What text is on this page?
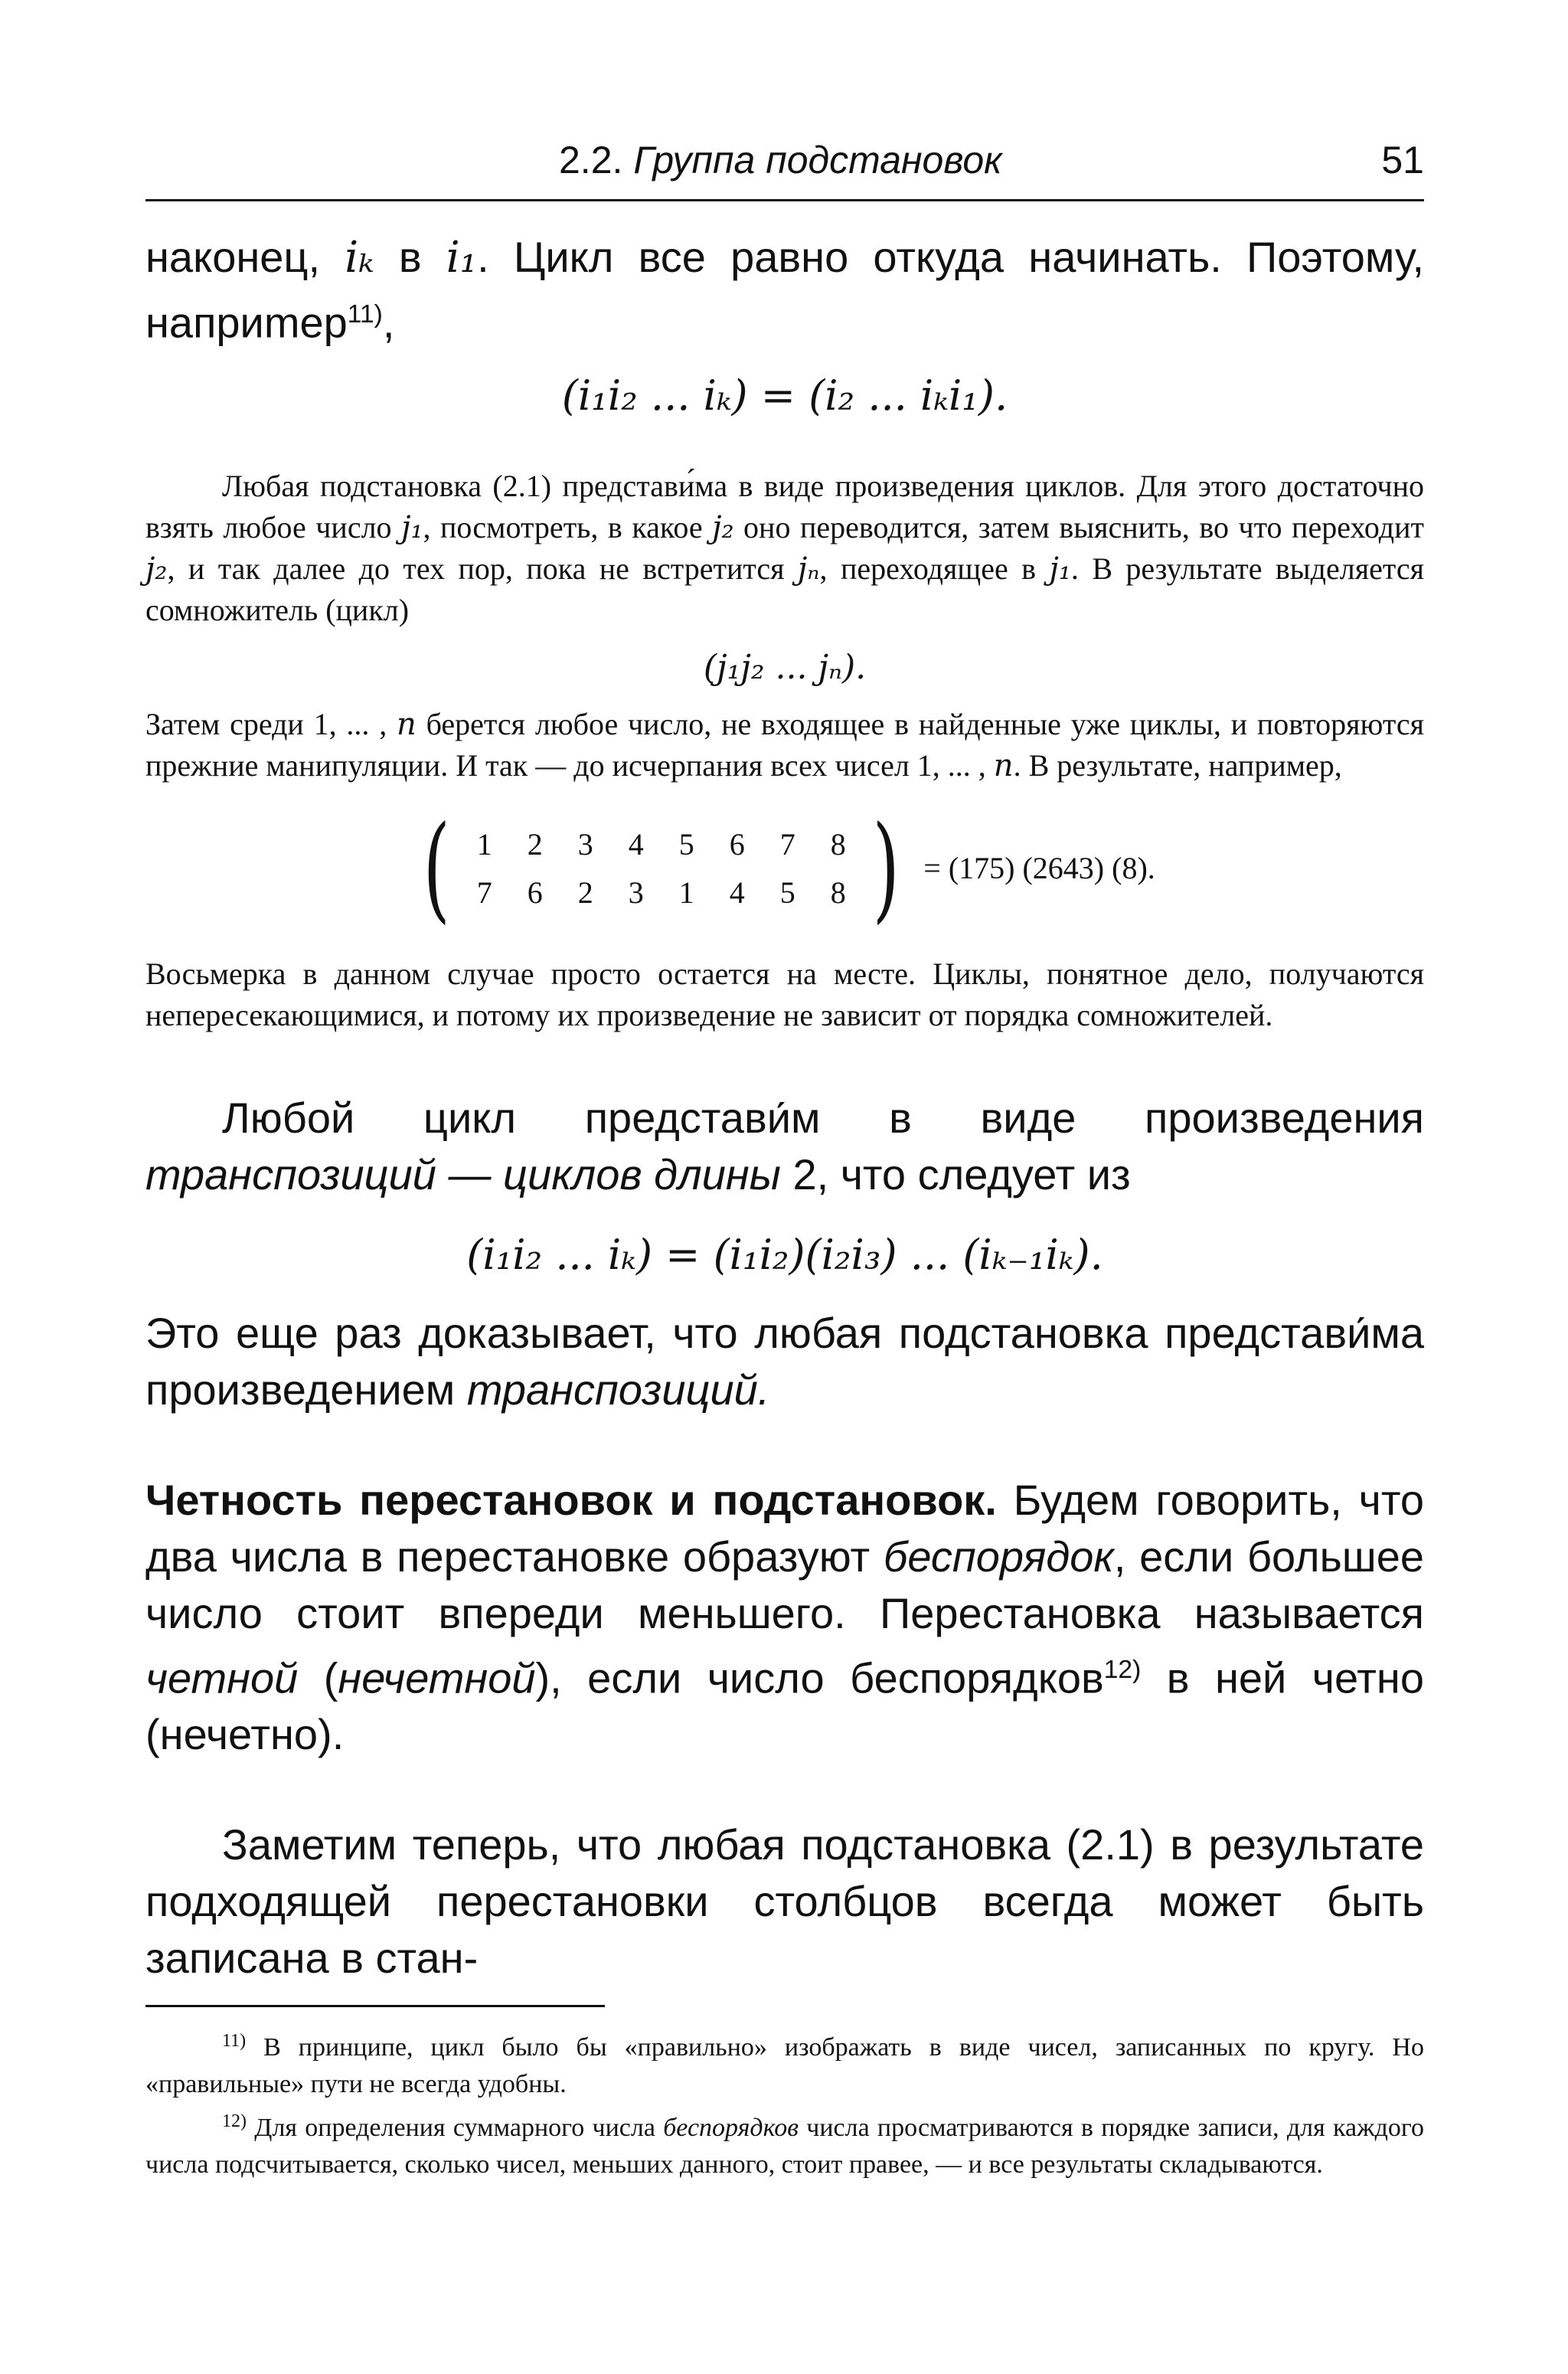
2.2. Группа подстановок	51

наконец, iₖ в i₁. Цикл все равно откуда начинать. Поэтому, наприmер$^{11)}$,

(i₁i₂ ... iₖ) = (i₂ ... iₖi₁).

Любая подстановка (2.1) представи́ма в виде произведения циклов. Для этого достаточно взять любое число j₁, посмотреть, в какое j₂ оно переводится, затем выяснить, во что переходит j₂, и так далее до тех пор, пока не встретится jₙ, переходящее в j₁. В результате выделяется сомножитель (цикл)

(j₁j₂ ... jₙ).

Затем среди 1, ... , n берется любое число, не входящее в найденные уже циклы, и повторяются прежние манипуляции. И так — до исчерпания всех чисел 1, ... , n. В результате, например,

( 1	2	3	4	5	6	7	8
7	6	2	3	1	4	5	8 ) = (175) (2643) (8).

Восьмерка в данном случае просто остается на месте. Циклы, понятное дело, получаются непересекающимися, и потому их произведение не зависит от порядка сомножителей.

Любой цикл представи́м в виде произведения транспозиций — циклов длины 2, что следует из

(i₁i₂ ... iₖ) = (i₁i₂)(i₂i₃) ... (iₖ₋₁iₖ).

Это еще раз доказывает, что любая подстановка представи́ма произведением транспозиций.

Четность перестановок и подстановок. Будем говорить, что два числа в перестановке образуют беспорядок, если большее число стоит впереди меньшего. Перестановка называется четной (нечетной), если число беспорядков$^{12)}$ в ней четно (нечетно).

Заметим теперь, что любая подстановка (2.1) в результате подходящей перестановки столбцов всегда может быть записана в стан-

$^{11)}$ В принципе, цикл было бы «правильно» изображать в виде чисел, записанных по кругу. Но «правильные» пути не всегда удобны.

$^{12)}$ Для определения суммарного числа беспорядков числа просматриваются в порядке записи, для каждого числа подсчитывается, сколько чисел, меньших данного, стоит правее, — и все результаты складываются.
